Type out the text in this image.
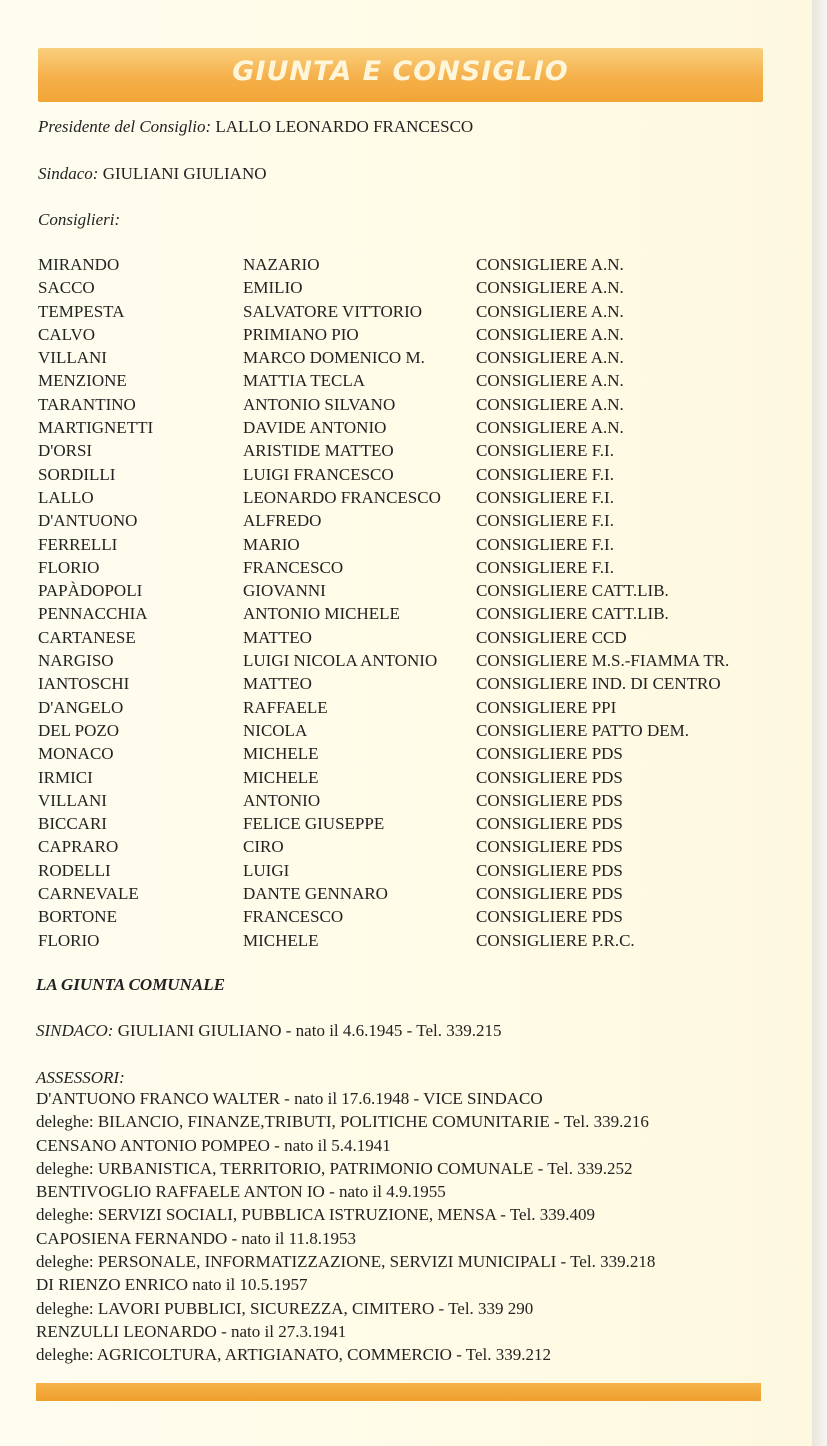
GIUNTA E CONSIGLIO
Presidente del Consiglio: LALLO LEONARDO FRANCESCO
Sindaco: GIULIANI GIULIANO
Consiglieri:
MIRANDO	NAZARIO	CONSIGLIERE A.N.
SACCO	EMILIO	CONSIGLIERE A.N.
TEMPESTA	SALVATORE VITTORIO	CONSIGLIERE A.N.
CALVO	PRIMIANO PIO	CONSIGLIERE A.N.
VILLANI	MARCO DOMENICO M.	CONSIGLIERE A.N.
MENZIONE	MATTIA TECLA	CONSIGLIERE A.N.
TARANTINO	ANTONIO SILVANO	CONSIGLIERE A.N.
MARTIGNETTI	DAVIDE ANTONIO	CONSIGLIERE A.N.
D'ORSI	ARISTIDE MATTEO	CONSIGLIERE F.I.
SORDILLI	LUIGI FRANCESCO	CONSIGLIERE F.I.
LALLO	LEONARDO FRANCESCO CONSIGLIERE F.I.
D'ANTUONO	ALFREDO	CONSIGLIERE F.I.
FERRELLI	MARIO	CONSIGLIERE F.I.
FLORIO	FRANCESCO	CONSIGLIERE F.I.
PAPÀDOPOLI	GIOVANNI	CONSIGLIERE CATT.LIB.
PENNACCHIA	ANTONIO MICHELE	CONSIGLIERE CATT.LIB.
CARTANESE	MATTEO	CONSIGLIERE CCD
NARGISO	LUIGI NICOLA ANTONIO CONSIGLIERE M.S.-FIAMMA TR.
IANTOSCHI	MATTEO	CONSIGLIERE IND. DI CENTRO
D'ANGELO	RAFFAELE	CONSIGLIERE PPI
DEL POZO	NICOLA	CONSIGLIERE PATTO DEM.
MONACO	MICHELE	CONSIGLIERE PDS
IRMICI	MICHELE	CONSIGLIERE PDS
VILLANI	ANTONIO	CONSIGLIERE PDS
BICCARI	FELICE GIUSEPPE	CONSIGLIERE PDS
CAPRARO	CIRO	CONSIGLIERE PDS
RODELLI	LUIGI	CONSIGLIERE PDS
CARNEVALE	DANTE GENNARO	CONSIGLIERE PDS
BORTONE	FRANCESCO	CONSIGLIERE PDS
FLORIO	MICHELE	CONSIGLIERE P.R.C.
LA GIUNTA COMUNALE
SINDACO: GIULIANI GIULIANO - nato il 4.6.1945 - Tel. 339.215
ASSESSORI:
D'ANTUONO FRANCO WALTER - nato il 17.6.1948 - VICE SINDACO
deleghe: BILANCIO, FINANZE,TRIBUTI, POLITICHE COMUNITARIE - Tel. 339.216
CENSANO ANTONIO POMPEO - nato il 5.4.1941
deleghe: URBANISTICA, TERRITORIO, PATRIMONIO COMUNALE - Tel. 339.252
BENTIVOGLIO RAFFAELE ANTON IO - nato il 4.9.1955
deleghe: SERVIZI SOCIALI, PUBBLICA ISTRUZIONE, MENSA - Tel. 339.409
CAPOSIENA FERNANDO - nato il 11.8.1953
deleghe: PERSONALE, INFORMATIZZAZIONE, SERVIZI MUNICIPALI - Tel. 339.218
DI RIENZO ENRICO nato il 10.5.1957
deleghe: LAVORI PUBBLICI, SICUREZZA, CIMITERO - Tel. 339 290
RENZULLI LEONARDO - nato il 27.3.1941
deleghe: AGRICOLTURA, ARTIGIANATO, COMMERCIO - Tel. 339.212
